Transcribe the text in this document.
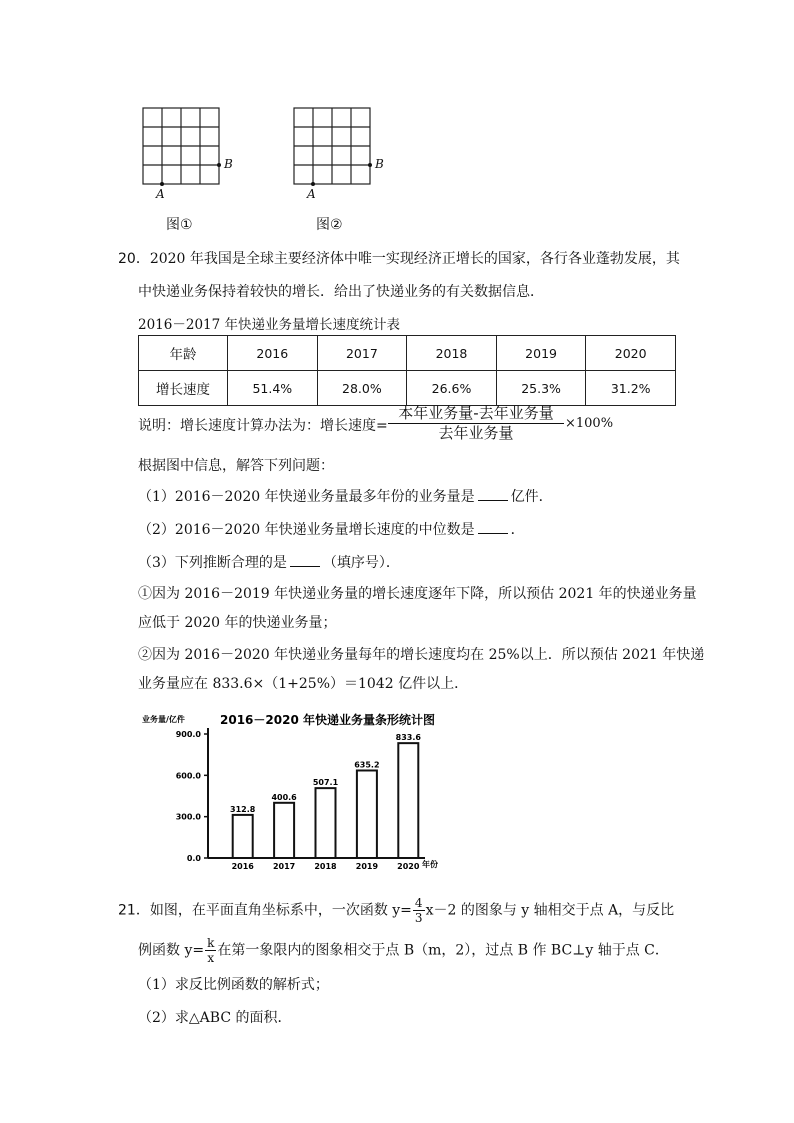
A
B
图①
A
B
图②
20．2020 年我国是全球主要经济体中唯一实现经济正增长的国家，各行各业蓬勃发展，其
中快递业务保持着较快的增长．给出了快递业务的有关数据信息．
2016－2017 年快递业务量增长速度统计表
年龄	2016	2017	2018	2019	2020
增长速度	51.4%	28.0%	26.6%	25.3%	31.2%
说明：增长速度计算办法为：增长速度=
本年业务量-去年业务量
去年业务量
×100%
根据图中信息，解答下列问题：
（1）2016－2020 年快递业务量最多年份的业务量是	亿件．
（2）2016－2020 年快递业务量增长速度的中位数是	．
（3）下列推断合理的是	（填序号）．
①因为 2016－2019 年快递业务量的增长速度逐年下降，所以预估 2021 年的快递业务量
应低于 2020 年的快递业务量；
②因为 2016－2020 年快递业务量每年的增长速度均在 25%以上．所以预估 2021 年快递
业务量应在 833.6×（1+25%）＝1042 亿件以上．
业务量/亿件	2016－2020 年快递业务量条形统计图
年份
0.0
300.0
600.0
900.0
312.8
2016
400.6
2017
507.1
2018
635.2
2019
833.6
2020
21．如图，在平面直角坐标系中，一次函数 $y= \frac{4}{3} x-2$ 的图象与 y 轴相交于点 A，与反比
例函数 $y= \frac{k}{x}$ 在第一象限内的图象相交于点 B（m，2），过点 B 作 BC⊥y 轴于点 C．
（1）求反比例函数的解析式；
（2）求△ABC 的面积．
